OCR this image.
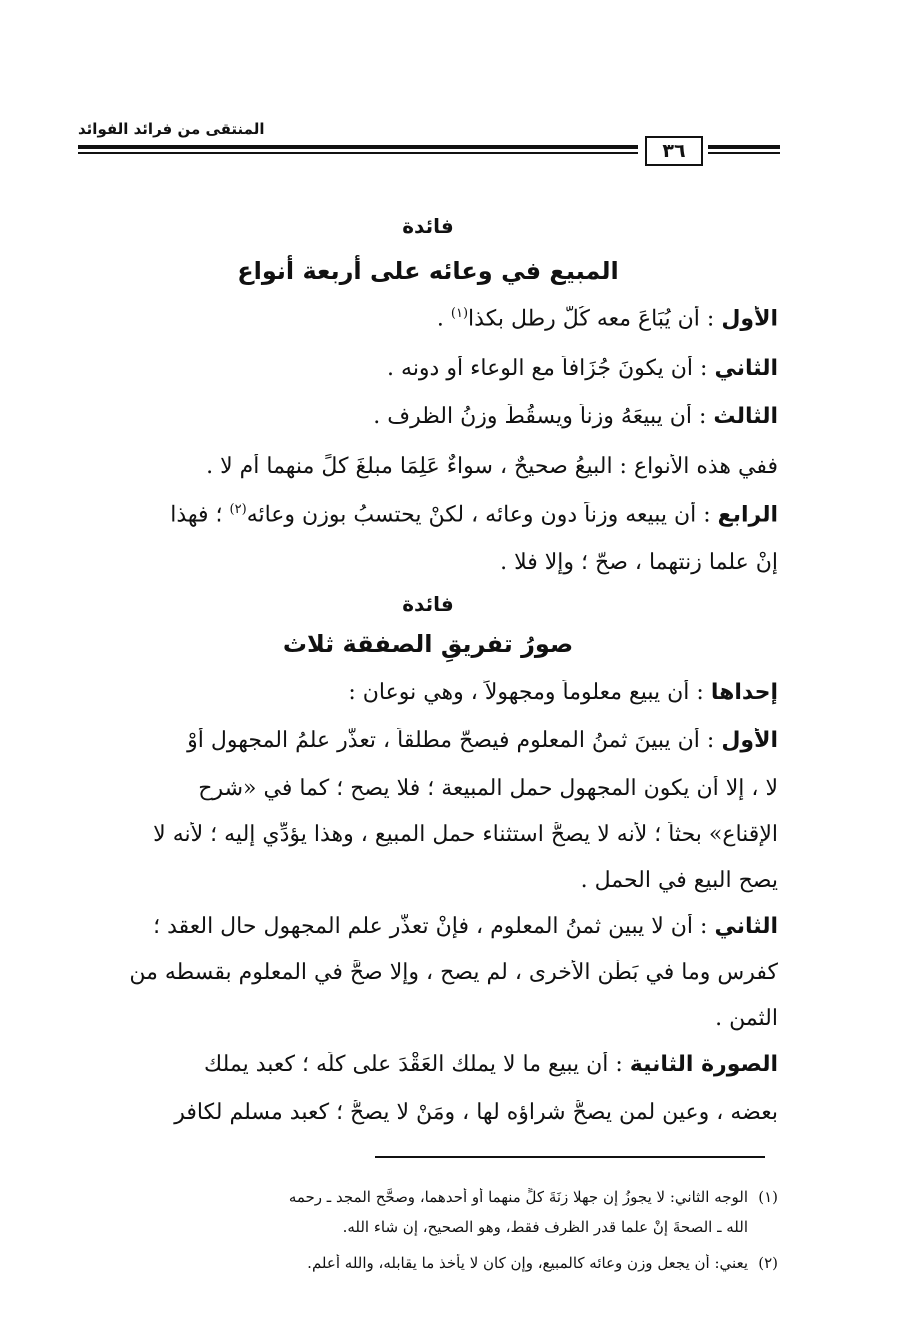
المنتقى من فرائد الفوائد
٣٦
فائدة
المبيع في وعائه على أربعة أنواع
الأول : أن يُبَاعَ معه كُلُّ رطل بكذا$^{(١)}$ .
الثاني : أن يكونَ جُزَافاً مع الوعاء أو دونه .
الثالث : أن يبيعَهُ وزناً ويسقُطَ وزنُ الظرف .
ففي هذه الأنواع : البيعُ صحيحٌ ، سواءٌ عَلِمَا مبلغَ كلٍّ منهما أم لا .
الرابع : أن يبيعه وزناً دون وعائه ، لكنْ يحتسبُ بوزن وعائه$^{(٢)}$ ؛ فهذا
إنْ علما زنتهما ، صحّ ؛ وإلا فلا .
فائدة
صورُ تفريقِ الصفقة ثلاث
إحداها : أن يبيع معلوماً ومجهولاً ، وهي نوعان :
الأول : أن يبينَ ثمنُ المعلوم فيصحّ مطلقاً ، تعذَّر علمُ المجهول أوْ
لا ، إلا أن يكون المجهول حمل المبيعة ؛ فلا يصح ؛ كما في «شرح
الإقناع» بحثاً ؛ لأنه لا يصحُّ استثناء حمل المبيع ، وهذا يؤدِّي إليه ؛ لأنه لا
يصح البيع في الحمل .
الثاني : أن لا يبين ثمنُ المعلوم ، فإنْ تعذَّر علم المجهول حال العقد ؛
كفرس وما في بَطْن الأخرى ، لم يصح ، وإلا صحَّ في المعلوم بقسطه من
الثمن .
الصورة الثانية : أن يبيع ما لا يملك العَقْدَ على كلِّه ؛ كعبد يملك
بعضه ، وعين لمن يصحُّ شراؤه لها ، ومَنْ لا يصحُّ ؛ كعبد مسلم لكافر
(١)الوجه الثاني: لا يجوزُ إن جهلا زِنَةَ كلٍّ منهما أو أحدهما، وصحَّح المجد ـ رحمه
الله ـ الصحةَ إنْ علما قدر الظرف فقط، وهو الصحيح، إن شاء الله.
(٢)يعني: أن يجعل وزن وعائه كالمبيع، وإن كان لا يأخذ ما يقابله، والله أعلم.
